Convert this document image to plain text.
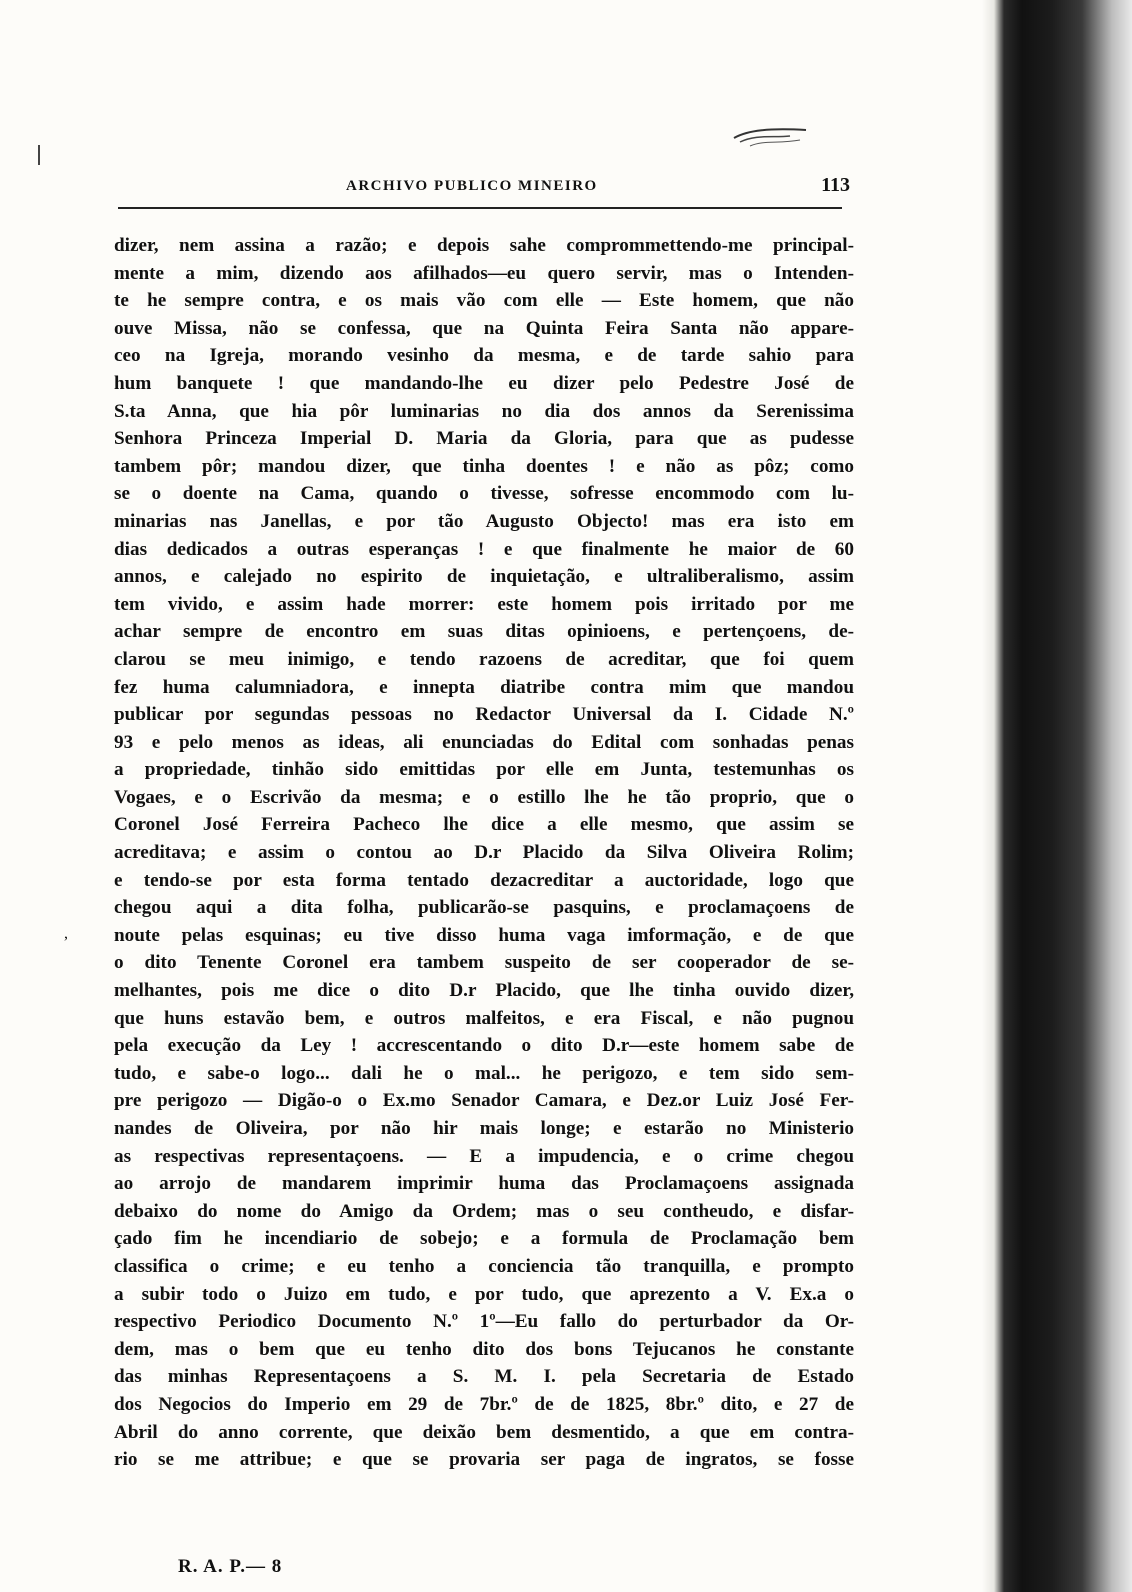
,
ARCHIVO PUBLICO MINEIRO	113
dizer, nem assina a razão; e depois sahe comprommettendo-me principal-
mente a mim, dizendo aos afilhados—eu quero servir, mas o Intenden-
te he sempre contra, e os mais vão com elle — Este homem, que não
ouve Missa, não se confessa, que na Quinta Feira Santa não appare-
ceo na Igreja, morando vesinho da mesma, e de tarde sahio para
hum banquete ! que mandando-lhe eu dizer pelo Pedestre José de
S.ta Anna, que hia pôr luminarias no dia dos annos da Serenissima
Senhora Princeza Imperial D. Maria da Gloria, para que as pudesse
tambem pôr; mandou dizer, que tinha doentes ! e não as pôz; como
se o doente na Cama, quando o tivesse, sofresse encommodo com lu-
minarias nas Janellas, e por tão Augusto Objecto! mas era isto em
dias dedicados a outras esperanças ! e que finalmente he maior de 60
annos, e calejado no espirito de inquietação, e ultraliberalismo, assim
tem vivido, e assim hade morrer: este homem pois irritado por me
achar sempre de encontro em suas ditas opinioens, e pertençoens, de-
clarou se meu inimigo, e tendo razoens de acreditar, que foi quem
fez huma calumniadora, e innepta diatribe contra mim que mandou
publicar por segundas pessoas no Redactor Universal da I. Cidade N.º
93 e pelo menos as ideas, ali enunciadas do Edital com sonhadas penas
a propriedade, tinhão sido emittidas por elle em Junta, testemunhas os
Vogaes, e o Escrivão da mesma; e o estillo lhe he tão proprio, que o
Coronel José Ferreira Pacheco lhe dice a elle mesmo, que assim se
acreditava; e assim o contou ao D.r Placido da Silva Oliveira Rolim;
e tendo-se por esta forma tentado dezacreditar a auctoridade, logo que
chegou aqui a dita folha, publicarão-se pasquins, e proclamaçoens de
noute pelas esquinas; eu tive disso huma vaga imformação, e de que
o dito Tenente Coronel era tambem suspeito de ser cooperador de se-
melhantes, pois me dice o dito D.r Placido, que lhe tinha ouvido dizer,
que huns estavão bem, e outros malfeitos, e era Fiscal, e não pugnou
pela execução da Ley ! accrescentando o dito D.r—este homem sabe de
tudo, e sabe-o logo... dali he o mal... he perigozo, e tem sido sem-
pre perigozo — Digão-o o Ex.mo Senador Camara, e Dez.or Luiz José Fer-
nandes de Oliveira, por não hir mais longe; e estarão no Ministerio
as respectivas representaçoens. — E a impudencia, e o crime chegou
ao arrojo de mandarem imprimir huma das Proclamaçoens assignada
debaixo do nome do Amigo da Ordem; mas o seu contheudo, e disfar-
çado fim he incendiario de sobejo; e a formula de Proclamação bem
classifica o crime; e eu tenho a conciencia tão tranquilla, e prompto
a subir todo o Juizo em tudo, e por tudo, que aprezento a V. Ex.a o
respectivo Periodico Documento N.º 1º—Eu fallo do perturbador da Or-
dem, mas o bem que eu tenho dito dos bons Tejucanos he constante
das minhas Representaçoens a S. M. I. pela Secretaria de Estado
dos Negocios do Imperio em 29 de 7br.º de de 1825, 8br.º dito, e 27 de
Abril do anno corrente, que deixão bem desmentido, a que em contra-
rio se me attribue; e que se provaria ser paga de ingratos, se fosse
R. A. P.— 8
